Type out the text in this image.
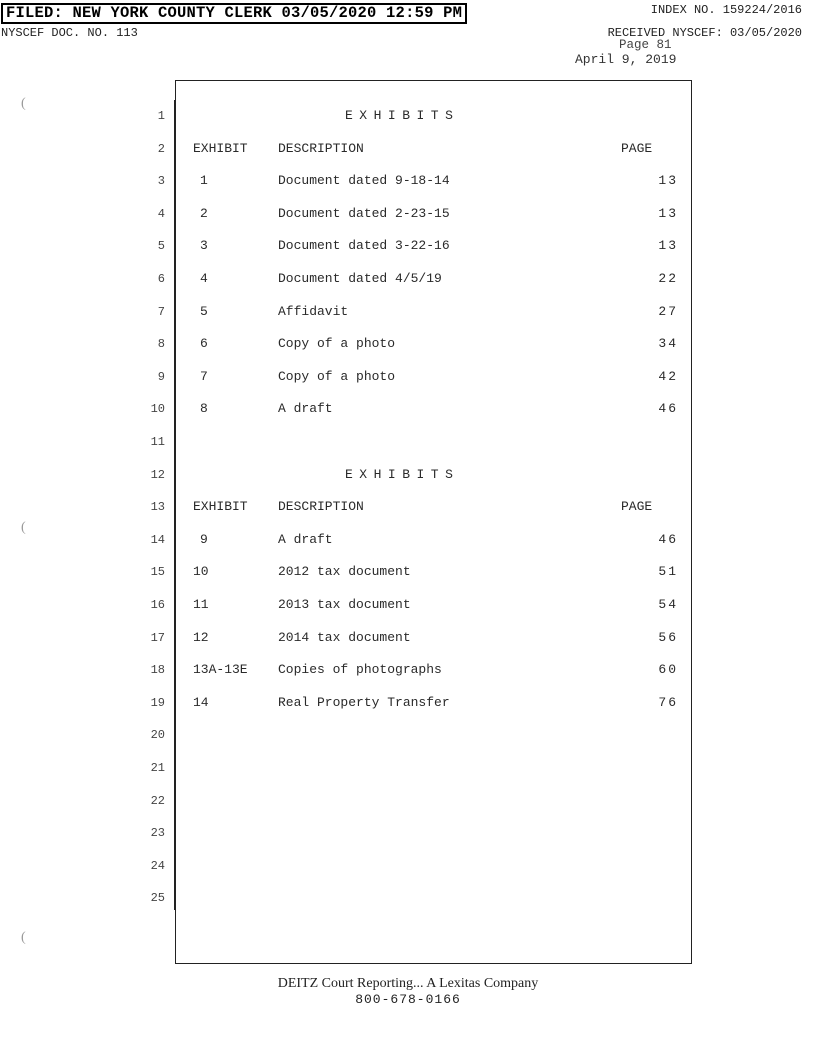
FILED: NEW YORK COUNTY CLERK 03/05/2020 12:59 PM	INDEX NO. 159224/2016
NYSCEF DOC. NO. 113	RECEIVED NYSCEF: 03/05/2020
Page 81
April 9, 2019
1
2
3
4
5
6
7
8
9
10
11
12
13
14
15
16
17
18
19
20
21
22
23
24
25
EXHIBITS
EXHIBIT DESCRIPTION	PAGE
1	Document dated 9-18-14	13
2	Document dated 2-23-15	13
3	Document dated 3-22-16	13
4	Document dated 4/5/19	22
5	Affidavit	27
6	Copy of a photo	34
7	Copy of a photo	42
8	A draft	46
EXHIBITS
EXHIBIT DESCRIPTION	PAGE
9	A draft	46
10	2012 tax document	51
11	2013 tax document	54
12	2014 tax document	56
13A-13E Copies of photographs	60
14	Real Property Transfer	76
(
(
(
DEITZ Court Reporting... A Lexitas Company
800-678-0166
